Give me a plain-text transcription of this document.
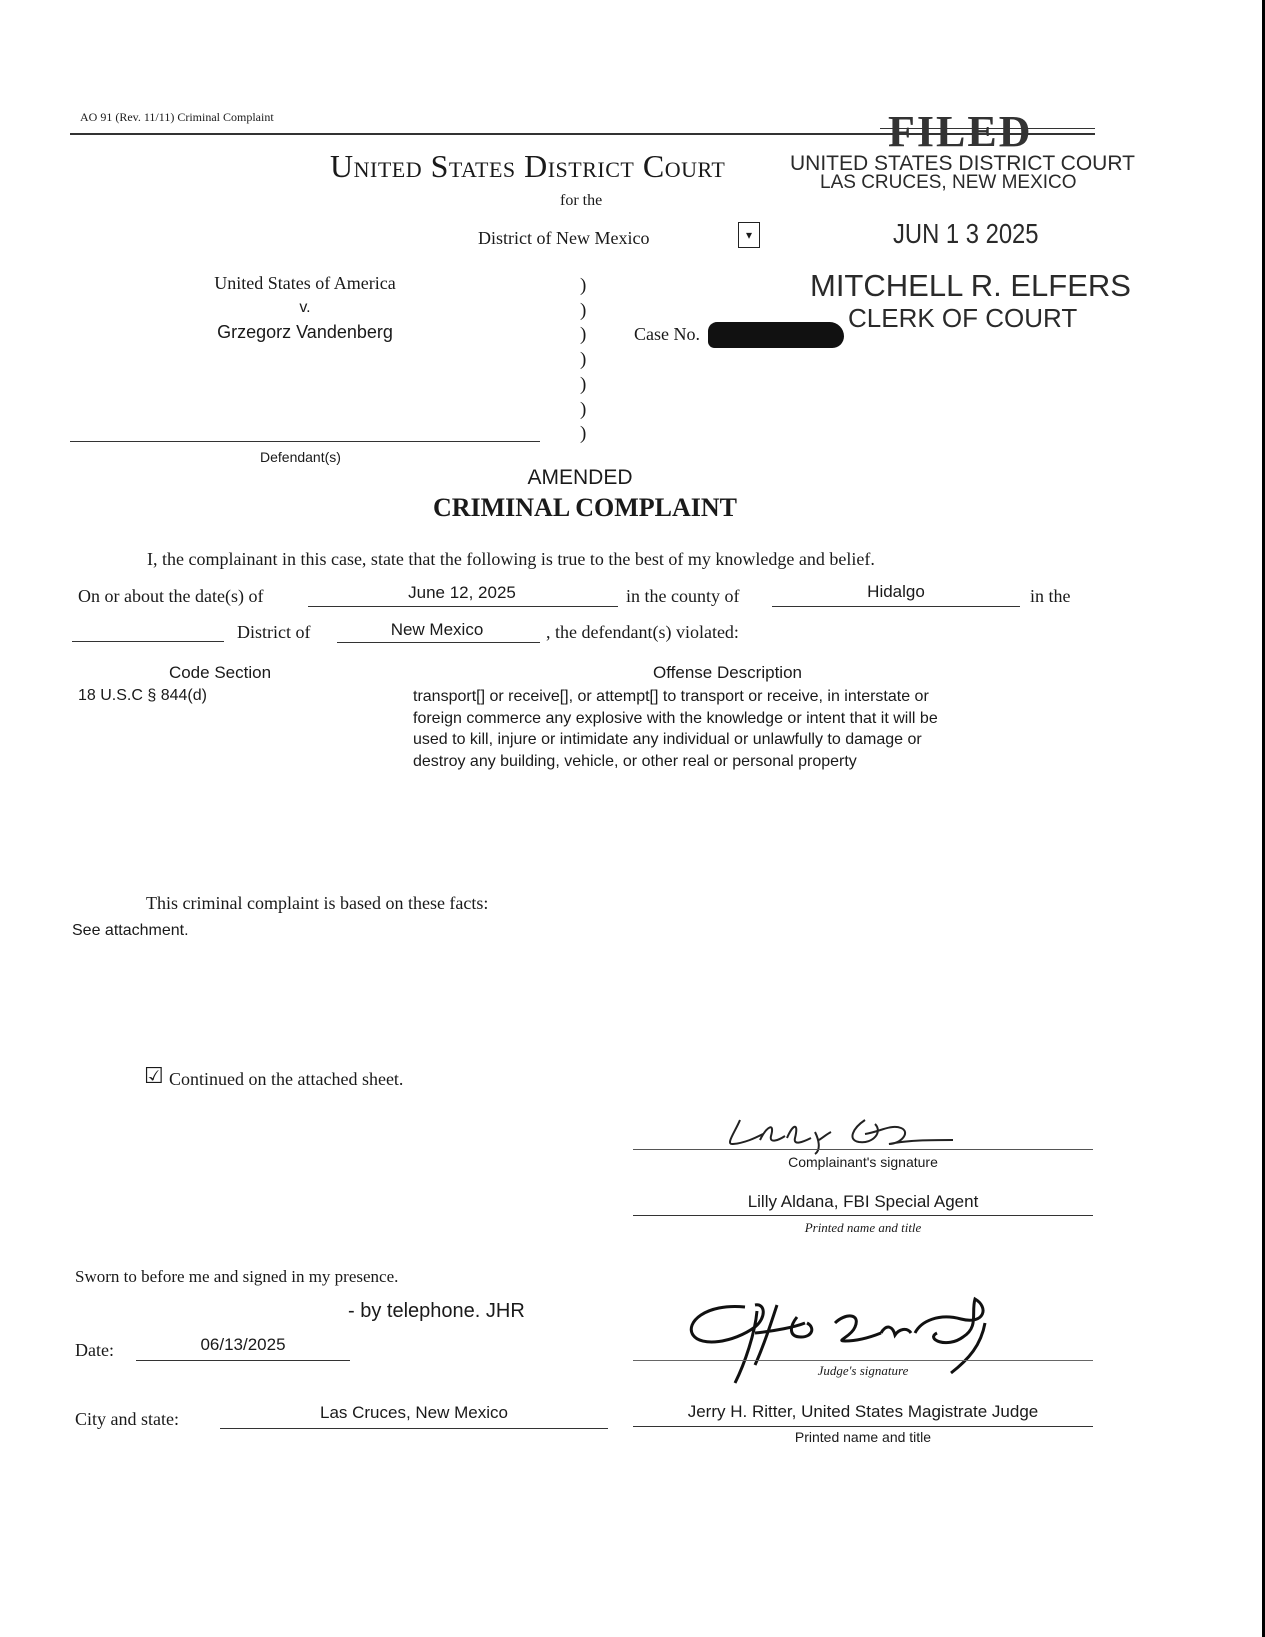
AO 91 (Rev. 11/11) Criminal Complaint
United States District Court
for the
District of New Mexico	▾
FILED
UNITED STATES DISTRICT COURT
LAS CRUCES, NEW MEXICO
JUN 1 3 2025
MITCHELL R. ELFERS
CLERK OF COURT
United States of America
v.
Grzegorz Vandenberg
)
)
)
)
)
)
)
Case No.
Defendant(s)
AMENDED
CRIMINAL COMPLAINT
I, the complainant in this case, state that the following is true to the best of my knowledge and belief.
On or about the date(s) of	June 12, 2025	in the county of	Hidalgo	in the
District of	New Mexico	, the defendant(s) violated:
Code Section	Offense Description
18 U.S.C § 844(d)	transport[] or receive[], or attempt[] to transport or receive, in interstate or
foreign commerce any explosive with the knowledge or intent that it will be
used to kill, injure or intimidate any individual or unlawfully to damage or
destroy any building, vehicle, or other real or personal property
This criminal complaint is based on these facts:
See attachment.
☑ Continued on the attached sheet.
Complainant's signature
Lilly Aldana, FBI Special Agent
Printed name and title
Sworn to before me and signed in my presence.
- by telephone. JHR
Date:	06/13/2025
City and state:	Las Cruces, New Mexico
Judge's signature
Jerry H. Ritter, United States Magistrate Judge
Printed name and title
